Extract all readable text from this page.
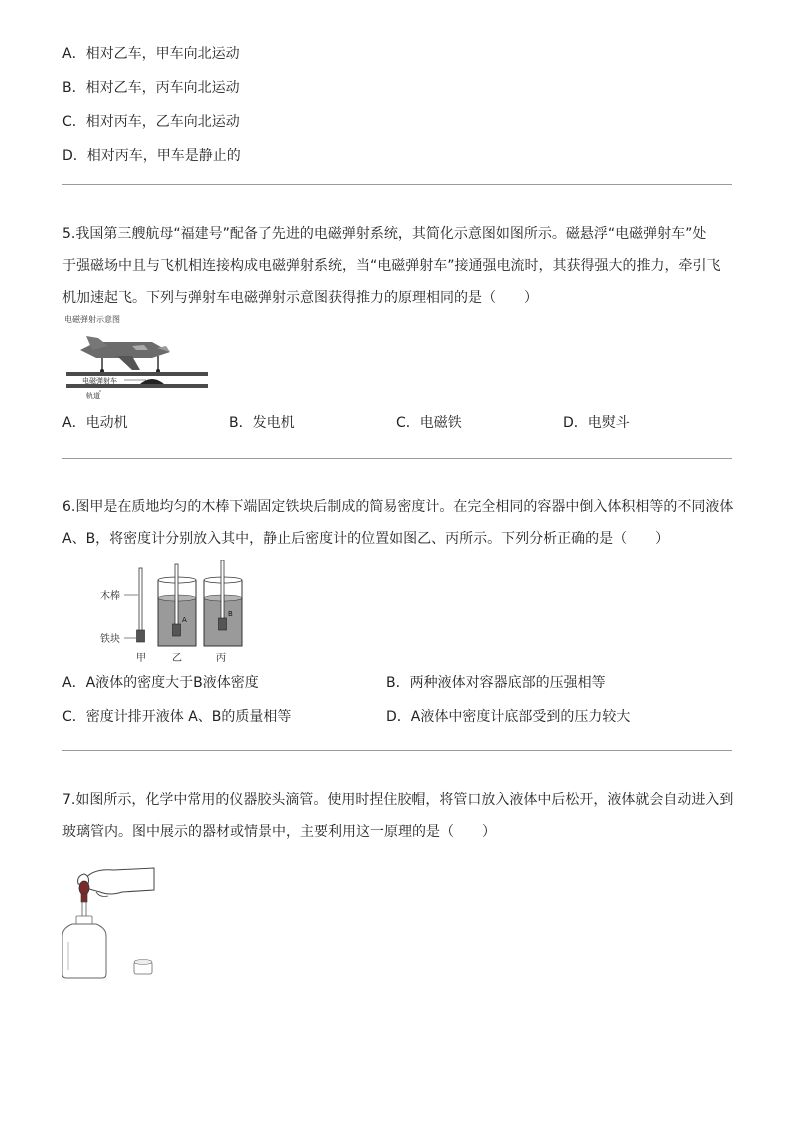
A．相对乙车，甲车向北运动
B．相对乙车，丙车向北运动
C．相对丙车，乙车向北运动
D．相对丙车，甲车是静止的
5.我国第三艘航母“福建号”配备了先进的电磁弹射系统，其简化示意图如图所示。磁悬浮“电磁弹射车”处
于强磁场中且与飞机相连接构成电磁弹射系统，当“电磁弹射车”接通强电流时，其获得强大的推力，牵引飞
机加速起飞。下列与弹射车电磁弹射示意图获得推力的原理相同的是（　　）
电磁弹射示意图
电磁弹射车
轨道
A．电动机	B．发电机	C．电磁铁	D．电熨斗
6.图甲是在质地均匀的木棒下端固定铁块后制成的简易密度计。在完全相同的容器中倒入体积相等的不同液体
A、B，将密度计分别放入其中，静止后密度计的位置如图乙、丙所示。下列分析正确的是（　　）
木棒
铁块
甲
A
乙
B
丙
A．A液体的密度大于B液体密度	B．两种液体对容器底部的压强相等
C．密度计排开液体 A、B的质量相等	D．A液体中密度计底部受到的压力较大
7.如图所示，化学中常用的仪器胶头滴管。使用时捏住胶帽，将管口放入液体中后松开，液体就会自动进入到
玻璃管内。图中展示的器材或情景中，主要利用这一原理的是（　　）
